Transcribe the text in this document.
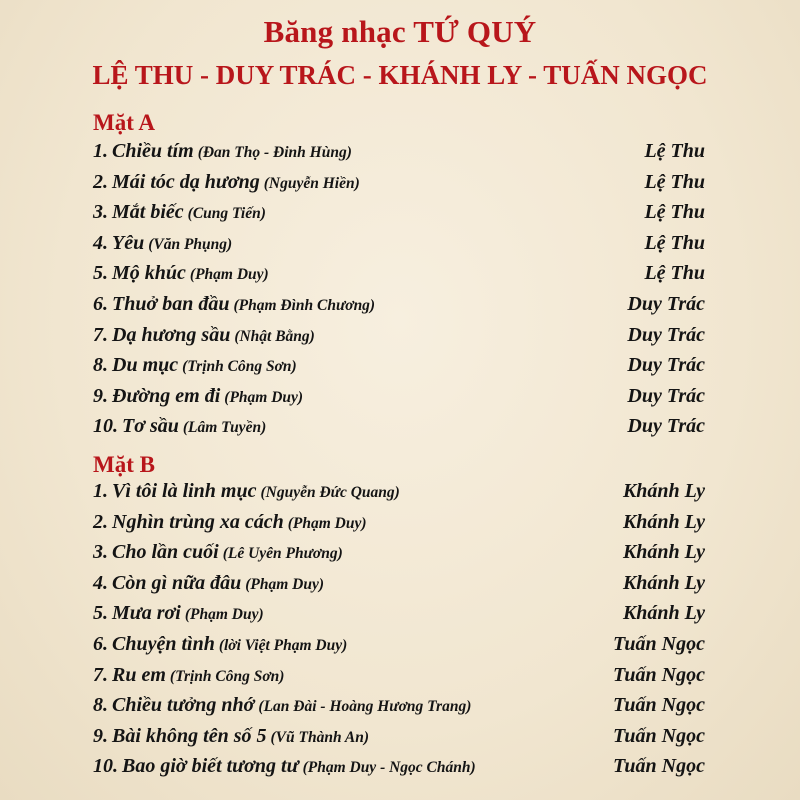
Băng nhạc TỨ QUÝ
LỆ THU - DUY TRÁC - KHÁNH LY - TUẤN NGỌC
Mặt A
1. Chiều tím (Đan Thọ - Đinh Hùng)	Lệ Thu
2. Mái tóc dạ hương (Nguyễn Hiền)	Lệ Thu
3. Mắt biếc (Cung Tiến)	Lệ Thu
4. Yêu (Văn Phụng)	Lệ Thu
5. Mộ khúc (Phạm Duy)	Lệ Thu
6. Thuở ban đầu (Phạm Đình Chương)	Duy Trác
7. Dạ hương sầu (Nhật Bằng)	Duy Trác
8. Du mục (Trịnh Công Sơn)	Duy Trác
9. Đường em đi (Phạm Duy)	Duy Trác
10. Tơ sầu (Lâm Tuyền)	Duy Trác
Mặt B
1. Vì tôi là linh mục (Nguyễn Đức Quang)	Khánh Ly
2. Nghìn trùng xa cách (Phạm Duy)	Khánh Ly
3. Cho lần cuối (Lê Uyên Phương)	Khánh Ly
4. Còn gì nữa đâu (Phạm Duy)	Khánh Ly
5. Mưa rơi (Phạm Duy)	Khánh Ly
6. Chuyện tình (lời Việt Phạm Duy)	Tuấn Ngọc
7. Ru em (Trịnh Công Sơn)	Tuấn Ngọc
8. Chiều tưởng nhớ (Lan Đài - Hoàng Hương Trang)	Tuấn Ngọc
9. Bài không tên số 5 (Vũ Thành An)	Tuấn Ngọc
10. Bao giờ biết tương tư (Phạm Duy - Ngọc Chánh)	Tuấn Ngọc
